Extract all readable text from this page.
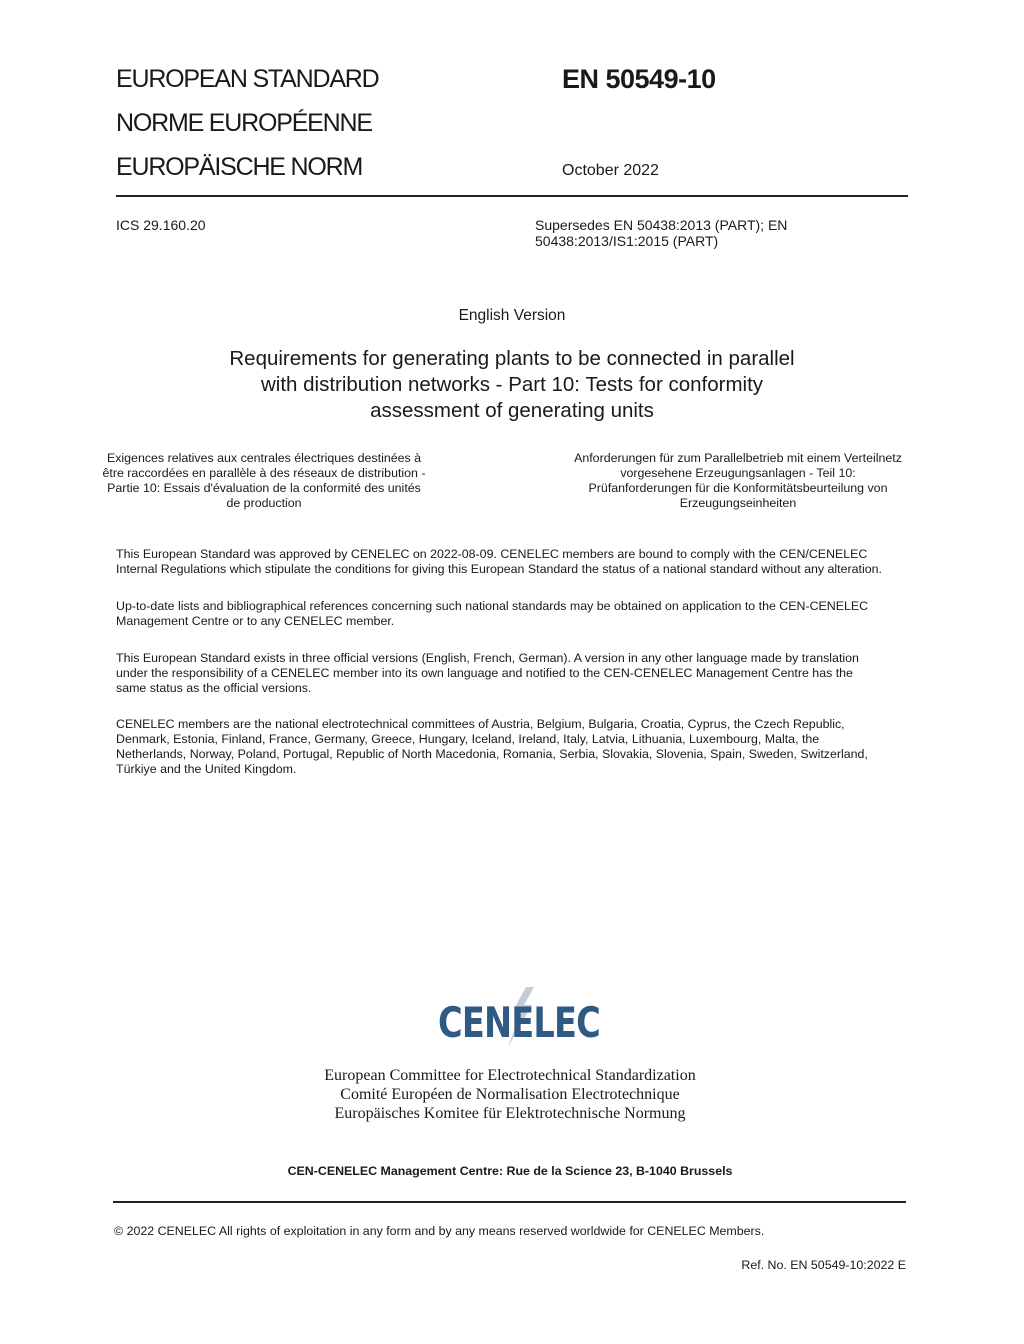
EUROPEAN STANDARD
NORME EUROPÉENNE
EUROPÄISCHE NORM
EN 50549-10
October 2022
ICS 29.160.20	Supersedes EN 50438:2013 (PART); EN
50438:2013/IS1:2015 (PART)
English Version
Requirements for generating plants to be connected in parallel
with distribution networks - Part 10: Tests for conformity
assessment of generating units
Exigences relatives aux centrales électriques destinées à
être raccordées en parallèle à des réseaux de distribution -
Partie 10: Essais d'évaluation de la conformité des unités
de production
Anforderungen für zum Parallelbetrieb mit einem Verteilnetz
vorgesehene Erzeugungsanlagen - Teil 10:
Prüfanforderungen für die Konformitätsbeurteilung von
Erzeugungseinheiten
This European Standard was approved by CENELEC on 2022-08-09. CENELEC members are bound to comply with the CEN/CENELEC
Internal Regulations which stipulate the conditions for giving this European Standard the status of a national standard without any alteration.
Up-to-date lists and bibliographical references concerning such national standards may be obtained on application to the CEN-CENELEC
Management Centre or to any CENELEC member.
This European Standard exists in three official versions (English, French, German). A version in any other language made by translation
under the responsibility of a CENELEC member into its own language and notified to the CEN-CENELEC Management Centre has the
same status as the official versions.
CENELEC members are the national electrotechnical committees of Austria, Belgium, Bulgaria, Croatia, Cyprus, the Czech Republic,
Denmark, Estonia, Finland, France, Germany, Greece, Hungary, Iceland, Ireland, Italy, Latvia, Lithuania, Luxembourg, Malta, the
Netherlands, Norway, Poland, Portugal, Republic of North Macedonia, Romania, Serbia, Slovakia, Slovenia, Spain, Sweden, Switzerland,
Türkiye and the United Kingdom.
CENELEC
European Committee for Electrotechnical Standardization
Comité Européen de Normalisation Electrotechnique
Europäisches Komitee für Elektrotechnische Normung
CEN-CENELEC Management Centre: Rue de la Science 23, B-1040 Brussels
© 2022 CENELEC All rights of exploitation in any form and by any means reserved worldwide for CENELEC Members.
Ref. No. EN 50549-10:2022 E
